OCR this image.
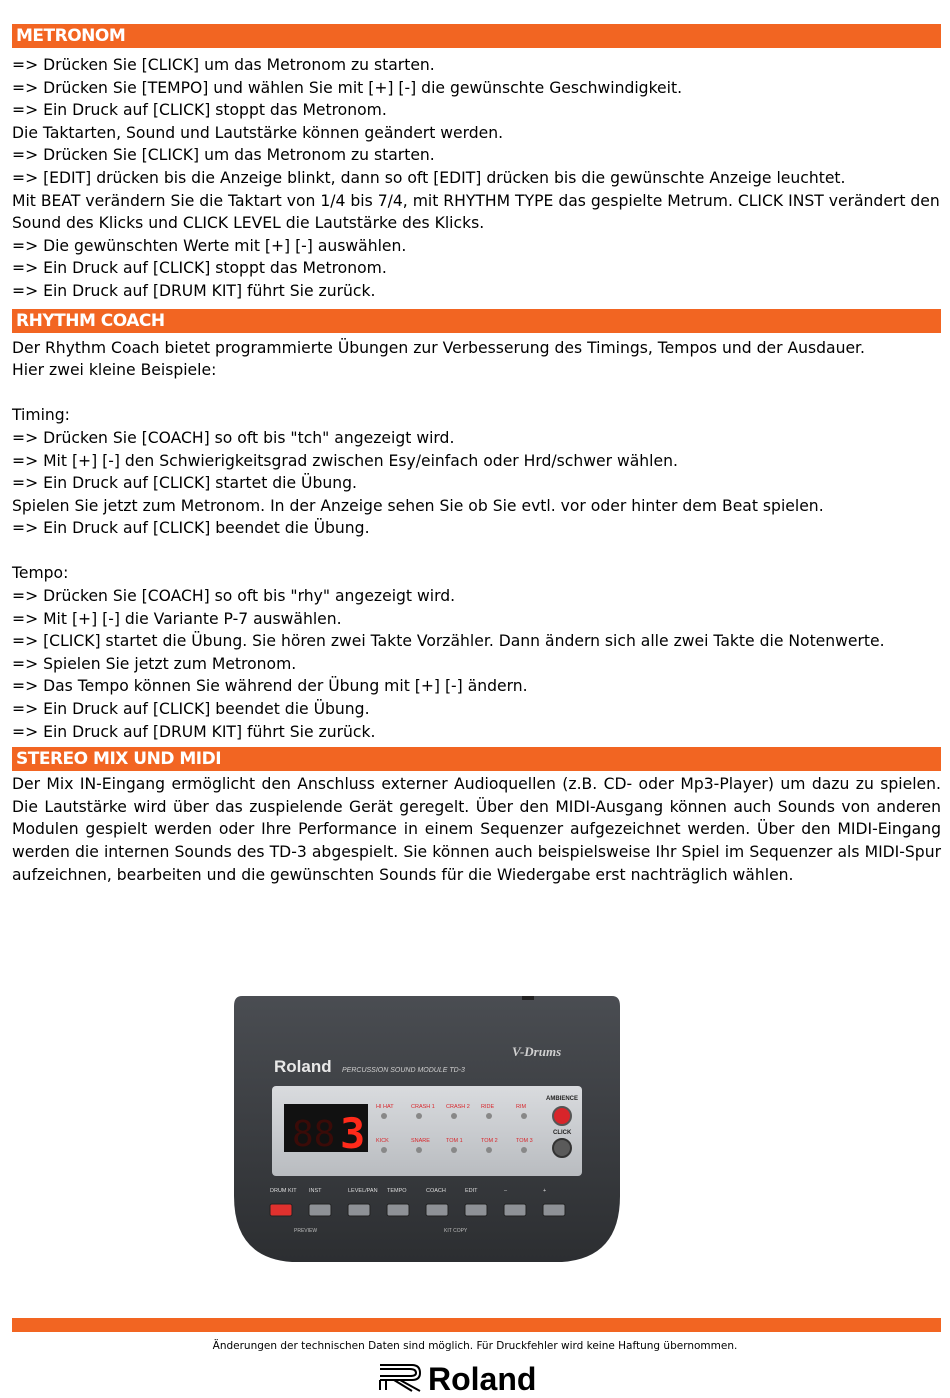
METRONOM

=> Drücken Sie [CLICK] um das Metronom zu starten.

=> Drücken Sie [TEMPO] und wählen Sie mit [+] [-] die gewünschte Geschwindigkeit.

=> Ein Druck auf [CLICK] stoppt das Metronom.

Die Taktarten, Sound und Lautstärke können geändert werden.

=> Drücken Sie [CLICK] um das Metronom zu starten.

=> [EDIT] drücken bis die Anzeige blinkt, dann so oft [EDIT] drücken bis die gewünschte Anzeige leuchtet.

Mit BEAT verändern Sie die Taktart von 1/4 bis 7/4, mit RHYTHM TYPE das gespielte Metrum. CLICK INST verändert den Sound des Klicks und CLICK LEVEL die Lautstärke des Klicks.

=> Die gewünschten Werte mit [+] [-] auswählen.

=> Ein Druck auf [CLICK] stoppt das Metronom.

=> Ein Druck auf [DRUM KIT] führt Sie zurück.

RHYTHM COACH

Der Rhythm Coach bietet programmierte Übungen zur Verbesserung des Timings, Tempos und der Ausdauer.

Hier zwei kleine Beispiele:

Timing:

=> Drücken Sie [COACH] so oft bis "tch" angezeigt wird.

=> Mit [+] [-] den Schwierigkeitsgrad zwischen Esy/einfach oder Hrd/schwer wählen.

=> Ein Druck auf [CLICK] startet die Übung.

Spielen Sie jetzt zum Metronom. In der Anzeige sehen Sie ob Sie evtl. vor oder hinter dem Beat spielen.

=> Ein Druck auf [CLICK] beendet die Übung.

Tempo:

=> Drücken Sie [COACH] so oft bis "rhy" angezeigt wird.

=> Mit [+] [-] die Variante P-7 auswählen.

=> [CLICK] startet die Übung. Sie hören zwei Takte Vorzähler. Dann ändern sich alle zwei Takte die Notenwerte.

=> Spielen Sie jetzt zum Metronom.

=> Das Tempo können Sie während der Übung mit [+] [-] ändern.

=> Ein Druck auf [CLICK] beendet die Übung.

=> Ein Druck auf [DRUM KIT] führt Sie zurück.

STEREO MIX UND MIDI

Der Mix IN-Eingang ermöglicht den Anschluss externer Audioquellen (z.B. CD- oder Mp3-Player) um dazu zu spielen. Die Lautstärke wird über das zuspielende Gerät geregelt. Über den MIDI-Ausgang können auch Sounds von anderen Modulen gespielt werden oder Ihre Performance in einem Sequenzer aufgezeichnet werden. Über den MIDI-Eingang werden die internen Sounds des TD-3 abgespielt. Sie können auch beispielsweise Ihr Spiel im Sequenzer als MIDI-Spur aufzeichnen, bearbeiten und die gewünschten Sounds für die Wiedergabe erst nachträglich wählen.

Roland PERCUSSION SOUND MODULE TD-3
V-Drums
3
88
HI HAT	CRASH 1 CRASH 2 RIDE	RIM
KICK	SNARE	TOM 1	TOM 2	TOM 3
AMBIENCE
CLICK
DRUM KIT INST	LEVEL/PAN TEMPO	COACH	EDIT	–	+
PREVIEW	KIT COPY
Änderungen der technischen Daten sind möglich. Für Druckfehler wird keine Haftung übernommen.
Roland
